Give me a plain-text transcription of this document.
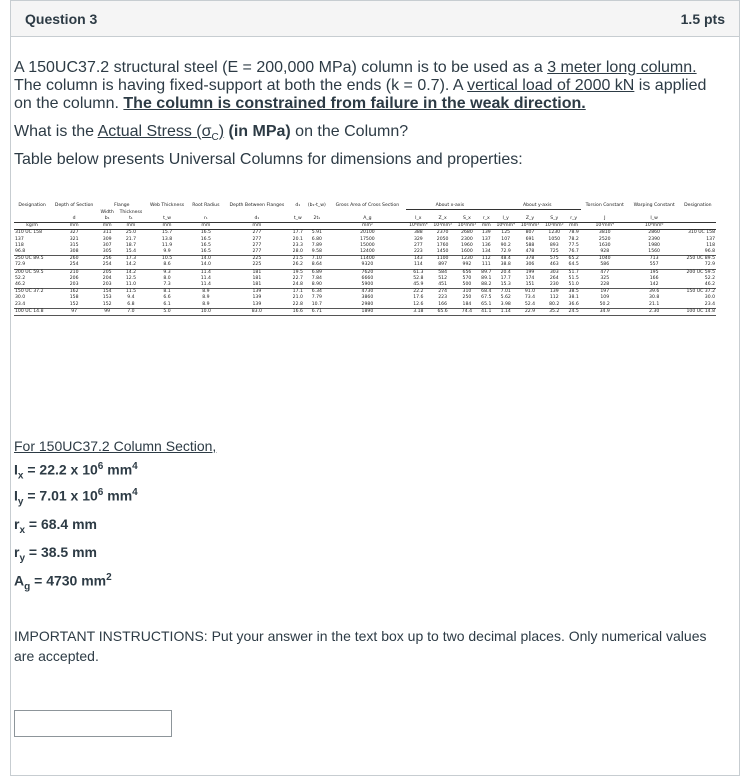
Question 3	1.5 pts

A 150UC37.2 structural steel (E = 200,000 MPa) column is to be used as a 3 meter long column. The column is having fixed-support at both the ends (k = 0.7). A vertical load of 2000 kN is applied on the column. The column is constrained from failure in the weak direction.

What is the Actual Stress $(\sigma_C)$ (in MPa) on the Column?

Table below presents Universal Columns for dimensions and properties:

Designation	Depth of Section	Flange		Web Thickness	Root Radius	Depth Between Flanges	d₁	(b₁-t_w)	Gross Area of Cross Section	About x-axis				About y-axis				Torsion Constant	Warping Constant	Designation
		Width	Thickness																	
	d	b₁	t₁	t_w	r₁	d₁	t_w	2t₁	A_g	I_x	Z_x	S_x	r_x	I_y	Z_y	S_y	r_y	J	I_w	
kg/m	mm	mm	mm	mm	mm	mm			mm²	10⁶mm⁴	10³mm³	10³mm³	mm	10⁶mm⁴	10³mm³	10³mm³	mm	10³mm⁴	10⁹mm⁶	
310 UC 158	327	311	25.0	15.7	16.5	277	17.7	5.91	20100	388	2370	2680	139	125	807	1230	78.9	3810	2860	310 UC 158
137	321	309	21.7	13.8	16.5	277	20.1	6.80	17500	329	2050	2300	137	107	691	1050	78.2	2520	2390	137
118	315	307	18.7	11.9	16.5	277	23.3	7.89	15000	277	1760	1960	136	90.2	588	893	77.5	1630	1980	118
96.8	308	305	15.4	9.9	16.5	277	28.0	9.58	12400	223	1450	1600	134	72.9	478	725	76.7	928	1560	96.8
250 UC 89.5	260	256	17.3	10.5	14.0	225	21.5	7.10	11400	143	1100	1230	112	48.4	378	575	65.2	1040	713	250 UC 89.5
72.9	254	254	14.2	8.6	14.0	225	26.2	8.64	9320	114	897	992	111	38.8	306	463	64.5	586	557	72.9
200 UC 59.5	210	205	14.2	9.3	11.4	181	19.5	6.89	7620	61.3	584	656	89.7	20.4	199	303	51.7	477	195	200 UC 59.5
52.2	206	204	12.5	8.0	11.4	181	22.7	7.84	6660	52.8	512	570	89.1	17.7	174	264	51.5	325	166	52.2
46.2	203	203	11.0	7.3	11.4	181	24.8	8.90	5900	45.9	451	500	88.2	15.3	151	230	51.0	228	142	46.2
150 UC 37.2	162	154	11.5	8.1	8.9	139	17.1	6.34	4730	22.2	274	310	68.4	7.01	91.0	139	38.5	197	39.6	150 UC 37.2
30.0	158	153	9.4	6.6	8.9	139	21.0	7.79	3860	17.6	223	250	67.5	5.62	73.4	112	38.1	109	30.8	30.0
23.4	152	152	6.8	6.1	8.9	139	22.8	10.7	2980	12.6	166	184	65.1	3.98	52.4	80.2	36.6	50.2	21.1	23.4
100 UC 14.8	97	99	7.0	5.0	10.0	83.0	16.6	6.71	1890	3.18	65.6	74.4	41.1	1.14	22.9	35.2	24.5	34.9	2.30	100 UC 14.8

For 150UC37.2 Column Section,

$I_x = 22.2$ x $10^6$ $mm^4$

$I_y = 7.01$ x $10^6$ $mm^4$

$r_x = 68.4$ mm

$r_y = 38.5$ mm

$A_g = 4730$ $mm^2$

IMPORTANT INSTRUCTIONS: Put your answer in the text box up to two decimal places. Only numerical values are accepted.
